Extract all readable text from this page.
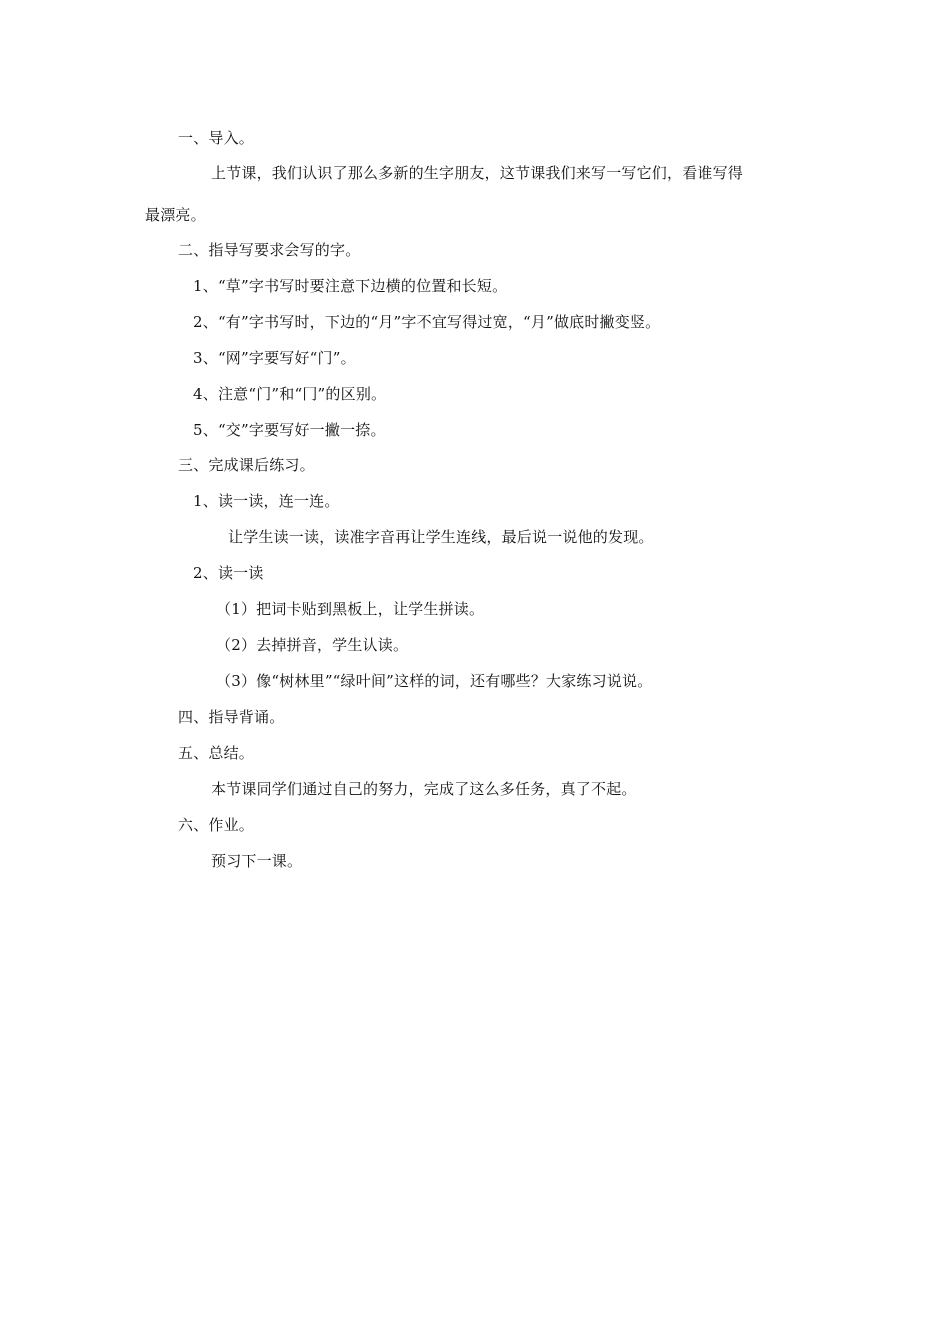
一、导入。
上节课，我们认识了那么多新的生字朋友，这节课我们来写一写它们，看谁写得
最漂亮。
二、指导写要求会写的字。
1、“草”字书写时要注意下边横的位置和长短。
2、“有”字书写时，下边的“月”字不宜写得过宽，“月”做底时撇变竖。
3、“网”字要写好“门”。
4、注意“门”和“冂”的区别。
5、“交”字要写好一撇一捺。
三、完成课后练习。
1、读一读，连一连。
让学生读一读，读准字音再让学生连线，最后说一说他的发现。
2、读一读
（1）把词卡贴到黑板上，让学生拼读。
（2）去掉拼音，学生认读。
（3）像“树林里”“绿叶间”这样的词，还有哪些？大家练习说说。
四、指导背诵。
五、总结。
本节课同学们通过自己的努力，完成了这么多任务，真了不起。
六、作业。
预习下一课。
